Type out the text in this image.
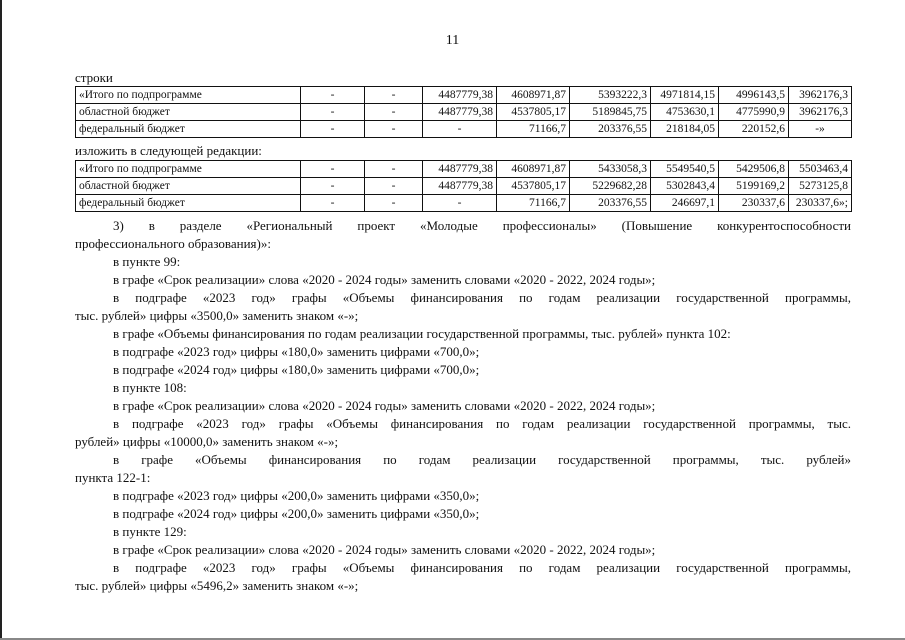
11
строки
«Итого по подпрограмме	-	-	4487779,38	4608971,87	5393222,3	4971814,15	4996143,5	3962176,3
областной бюджет	-	-	4487779,38	4537805,17	5189845,75	4753630,1	4775990,9	3962176,3
федеральный бюджет	-	-	-	71166,7	203376,55	218184,05	220152,6	-»
изложить в следующей редакции:
«Итого по подпрограмме	-	-	4487779,38	4608971,87	5433058,3	5549540,5	5429506,8	5503463,4
областной бюджет	-	-	4487779,38	4537805,17	5229682,28	5302843,4	5199169,2	5273125,8
федеральный бюджет	-	-	-	71166,7	203376,55	246697,1	230337,6	230337,6»;

3) в разделе «Региональный проект «Молодые профессионалы» (Повышение конкурентоспособности

профессионального образования)»:

в пункте 99:

в графе «Срок реализации» слова «2020 - 2024 годы» заменить словами «2020 - 2022, 2024 годы»;

в подграфе «2023 год» графы «Объемы финансирования по годам реализации государственной программы,

тыс. рублей» цифры «3500,0» заменить знаком «-»;

в графе «Объемы финансирования по годам реализации государственной программы, тыс. рублей» пункта 102:

в подграфе «2023 год» цифры «180,0» заменить цифрами «700,0»;

в подграфе «2024 год» цифры «180,0» заменить цифрами «700,0»;

в пункте 108:

в графе «Срок реализации» слова «2020 - 2024 годы» заменить словами «2020 - 2022, 2024 годы»;

в подграфе «2023 год» графы «Объемы финансирования по годам реализации государственной программы, тыс.

рублей» цифры «10000,0» заменить знаком «-»;

в графе «Объемы финансирования по годам реализации государственной программы, тыс. рублей»

пункта 122-1:

в подграфе «2023 год» цифры «200,0» заменить цифрами «350,0»;

в подграфе «2024 год» цифры «200,0» заменить цифрами «350,0»;

в пункте 129:

в графе «Срок реализации» слова «2020 - 2024 годы» заменить словами «2020 - 2022, 2024 годы»;

в подграфе «2023 год» графы «Объемы финансирования по годам реализации государственной программы,

тыс. рублей» цифры «5496,2» заменить знаком «-»;
